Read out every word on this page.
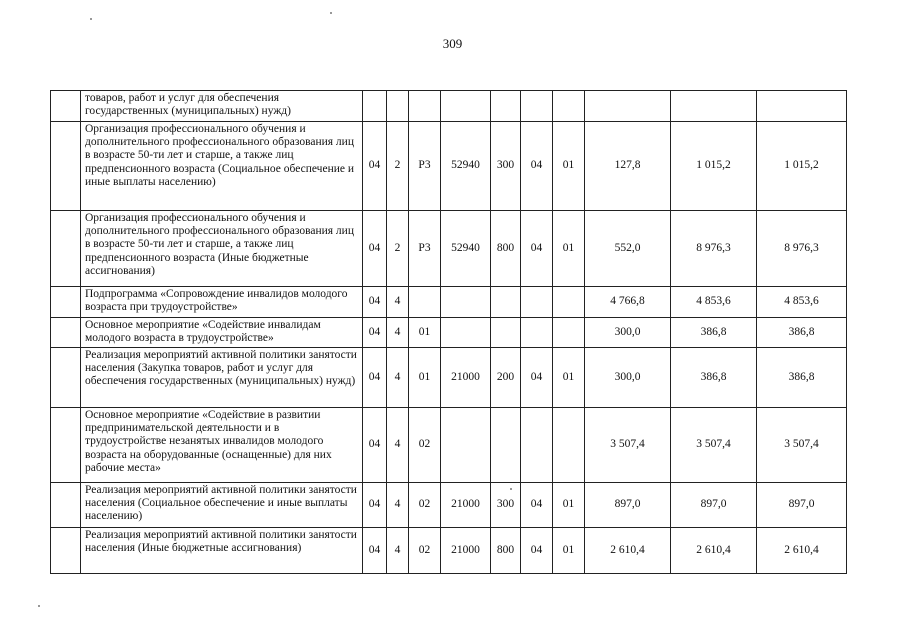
309
	товаров, работ и услуг для обеспечения государственных (муниципальных) нужд)										
	Организация профессионального обучения и дополнительного профессионального образования лиц в возрасте 50-ти лет и старше, а также лиц предпенсионного возраста (Социальное обеспечение и иные выплаты населению)	04	2	Р3	52940	300	04	01	127,8	1 015,2	1 015,2
	Организация профессионального обучения и дополнительного профессионального образования лиц в возрасте 50-ти лет и старше, а также лиц предпенсионного возраста (Иные бюджетные ассигнования)	04	2	Р3	52940	800	04	01	552,0	8 976,3	8 976,3
	Подпрограмма «Сопровождение инвалидов молодого возраста при трудоустройстве»	04	4						4 766,8	4 853,6	4 853,6
	Основное мероприятие «Содействие инвалидам молодого возраста в трудоустройстве»	04	4	01					300,0	386,8	386,8
	Реализация мероприятий активной политики занятости населения (Закупка товаров, работ и услуг для обеспечения государственных (муниципальных) нужд)	04	4	01	21000	200	04	01	300,0	386,8	386,8
	Основное мероприятие «Содействие в развитии предпринимательской деятельности и в трудоустройстве незанятых инвалидов молодого возраста на оборудованные (оснащенные) для них рабочие места»	04	4	02					3 507,4	3 507,4	3 507,4
	Реализация мероприятий активной политики занятости населения (Социальное обеспечение и иные выплаты населению)	04	4	02	21000	300	04	01	897,0	897,0	897,0
	Реализация мероприятий активной политики занятости населения (Иные бюджетные ассигнования)	04	4	02	21000	800	04	01	2 610,4	2 610,4	2 610,4
